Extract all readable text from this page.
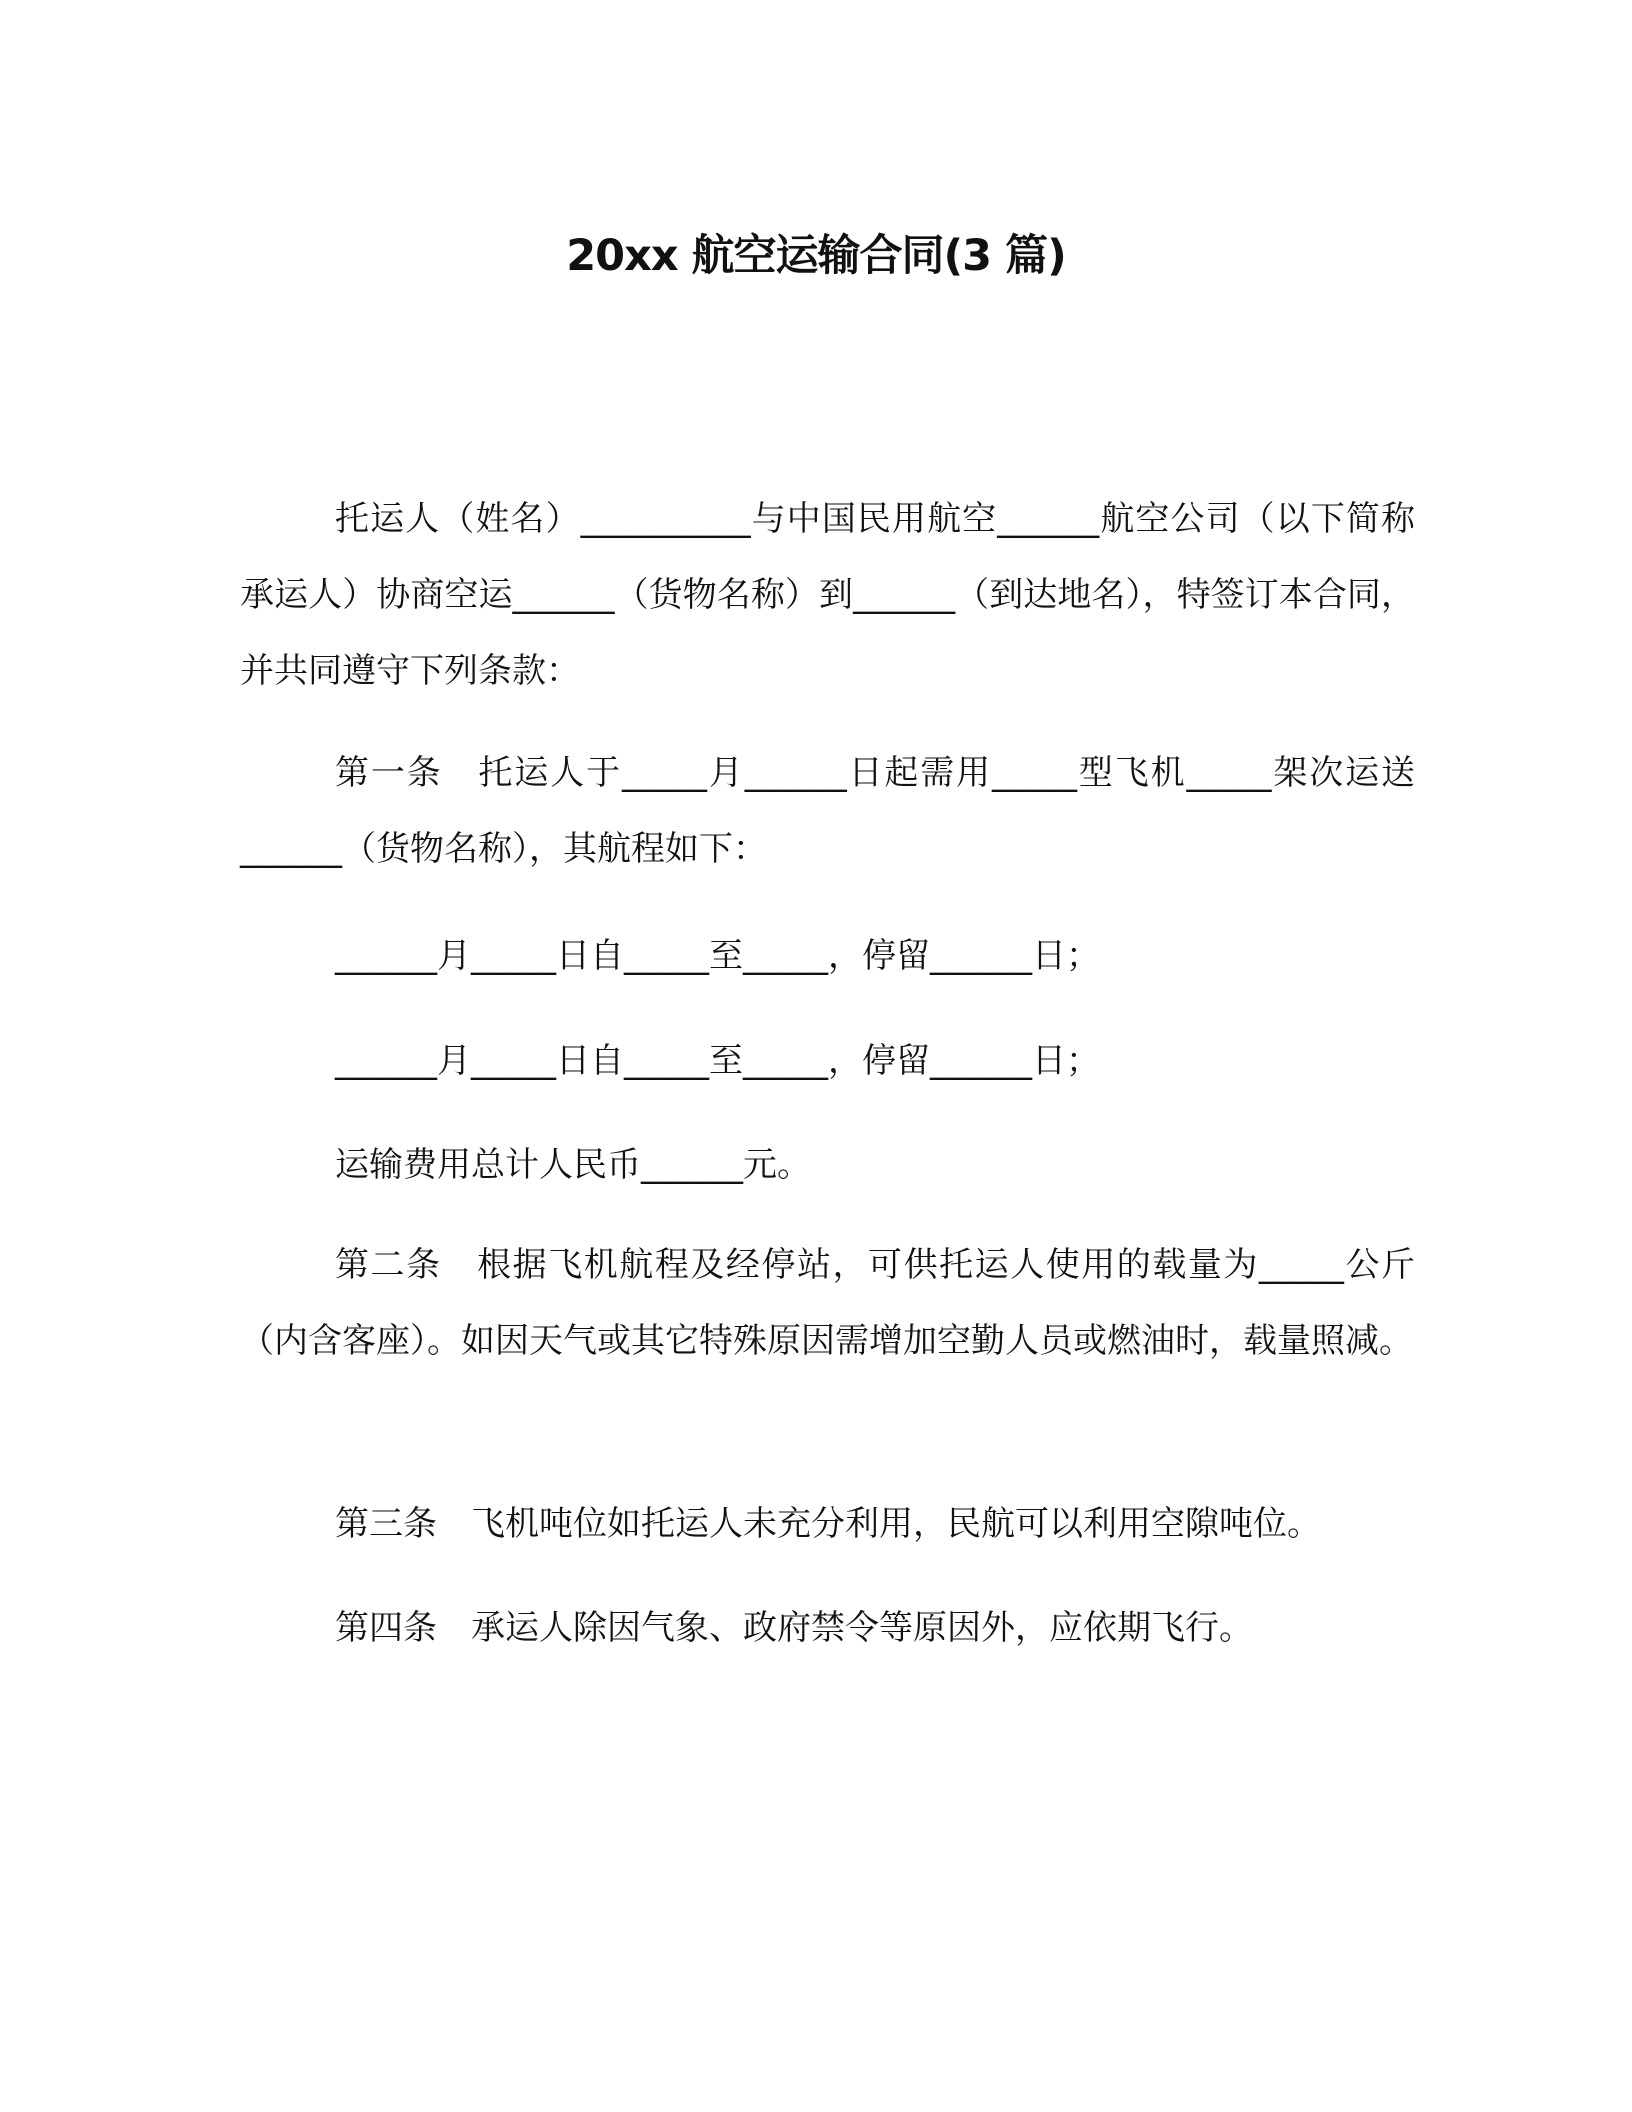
20xx 航空运输合同(3 篇)
托运人（姓名）__________与中国民用航空______航空公司（以下简称承运人）协商空运______（货物名称）到______（到达地名），特签订本合同，并共同遵守下列条款：
第一条　托运人于_____月______日起需用_____型飞机_____架次运送______（货物名称），其航程如下：
______月_____日自_____至_____，停留______日；
______月_____日自_____至_____，停留______日；
运输费用总计人民币______元。
第二条　根据飞机航程及经停站，可供托运人使用的载量为_____公斤（内含客座）。如因天气或其它特殊原因需增加空勤人员或燃油时，载量照减。
第三条　飞机吨位如托运人未充分利用，民航可以利用空隙吨位。
第四条　承运人除因气象、政府禁令等原因外，应依期飞行。
